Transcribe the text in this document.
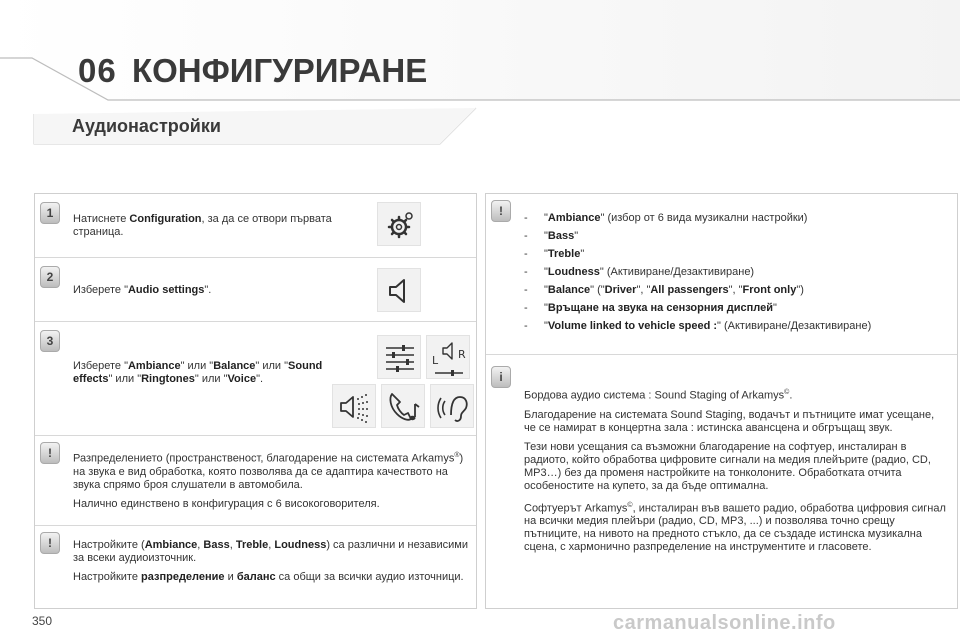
06 КОНФИГУРИРАНЕ
Аудионастройки
1	Натиснете Configuration, за да се отвори първата страница.
2
Изберете "Audio settings".
3
Изберете "Ambiance" или "Balance" или "Sound effects" или "Ringtones" или "Voice".
L R
!	Разпределението (пространственост, благодарение на системата Arkamys®) на звука е вид обработка, която позволява да се адаптира качеството на звука спрямо броя слушатели в автомобила.

Налично единствено в конфигурация с 6 високоговорителя.

!	Настройките (Ambiance, Bass, Treble, Loudness) са различни и независими за всеки аудиоизточник.

Настройките разпределение и баланс са общи за всички аудио източници.

!	- "Ambiance" (избор от 6 вида музикални настройки)
- "Bass"
- "Treble"
- "Loudness" (Активиране/Дезактивиране)
- "Balance" ("Driver", "All passengers", "Front only")
- "Връщане на звука на сензорния дисплей"
- "Volume linked to vehicle speed :" (Активиране/Дезактивиране)
i

Бордова аудио система : Sound Staging of Arkamys©.

Благодарение на системата Sound Staging, водачът и пътниците имат усещане, че се намират в концертна зала : истинска авансцена и обгръщащ звук.

Тези нови усещания са възможни благодарение на софтуер, инсталиран в радиото, който обработва цифровите сигнали на медия плейърите (радио, CD, MP3…) без да променя настройките на тонколоните. Обработката отчита особеностите на купето, за да бъде оптимална.

Софтуерът Arkamys©, инсталиран във вашето радио, обработва цифровия сигнал на всички медия плейъри (радио, CD, MP3, ...) и позволява точно срещу пътниците, на нивото на предното стъкло, да се създаде истинска музикална сцена, с хармонично разпределение на инструментите и гласовете.

350	carmanualsonline.info
